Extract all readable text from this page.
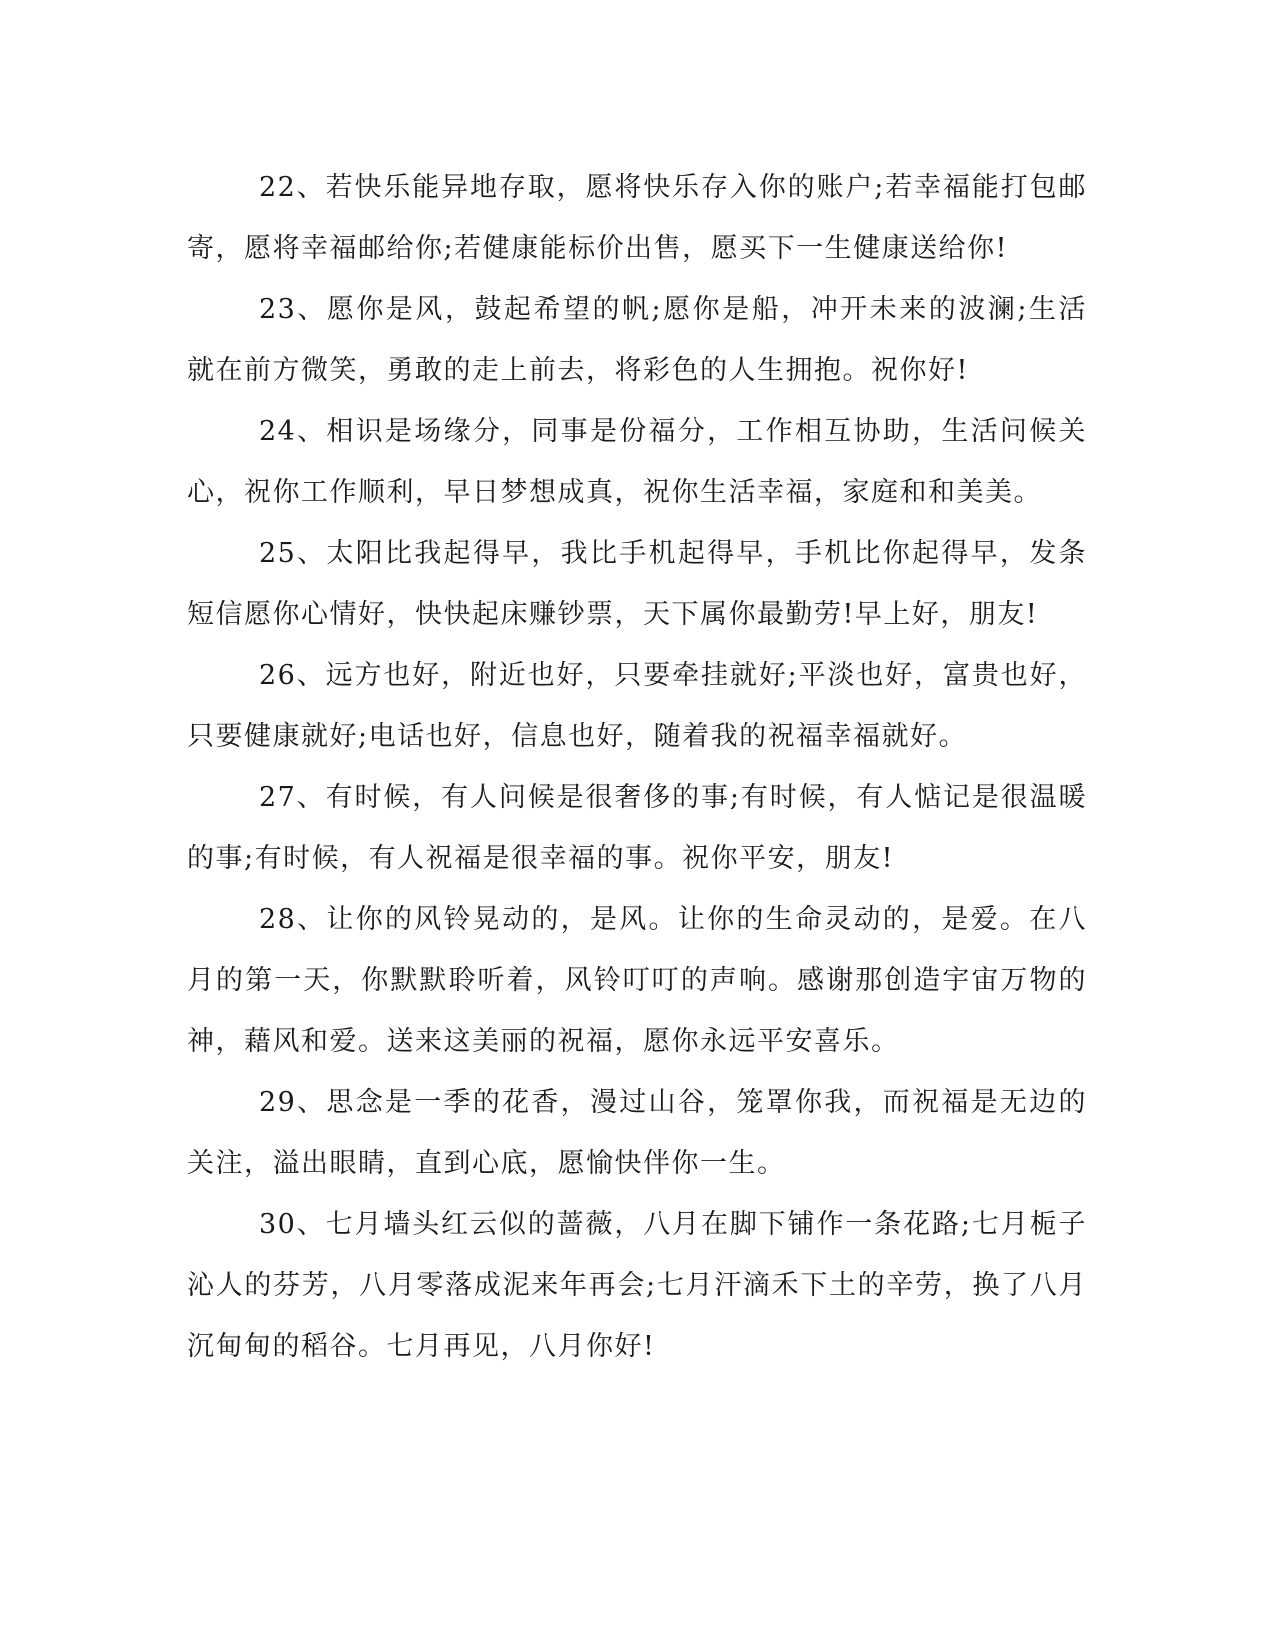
22、若快乐能异地存取，愿将快乐存入你的账户;若幸福能打包邮寄，愿将幸福邮给你;若健康能标价出售，愿买下一生健康送给你!

23、愿你是风，鼓起希望的帆;愿你是船，冲开未来的波澜;生活就在前方微笑，勇敢的走上前去，将彩色的人生拥抱。祝你好!

24、相识是场缘分，同事是份福分，工作相互协助，生活问候关心，祝你工作顺利，早日梦想成真，祝你生活幸福，家庭和和美美。

25、太阳比我起得早，我比手机起得早，手机比你起得早，发条短信愿你心情好，快快起床赚钞票，天下属你最勤劳!早上好，朋友!

26、远方也好，附近也好，只要牵挂就好;平淡也好，富贵也好，只要健康就好;电话也好，信息也好，随着我的祝福幸福就好。

27、有时候，有人问候是很奢侈的事;有时候，有人惦记是很温暖的事;有时候，有人祝福是很幸福的事。祝你平安，朋友!

28、让你的风铃晃动的，是风。让你的生命灵动的，是爱。在八月的第一天，你默默聆听着，风铃叮叮的声响。感谢那创造宇宙万物的神，藉风和爱。送来这美丽的祝福，愿你永远平安喜乐。

29、思念是一季的花香，漫过山谷，笼罩你我，而祝福是无边的关注，溢出眼睛，直到心底，愿愉快伴你一生。

30、七月墙头红云似的蔷薇，八月在脚下铺作一条花路;七月栀子沁人的芬芳，八月零落成泥来年再会;七月汗滴禾下土的辛劳，换了八月沉甸甸的稻谷。七月再见，八月你好!
